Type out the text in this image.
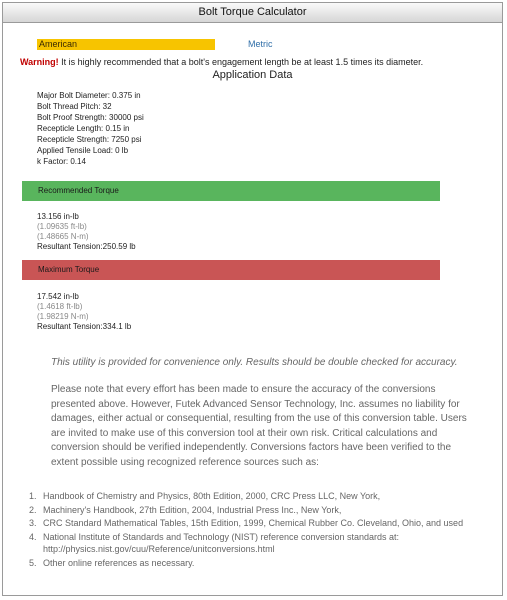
Bolt Torque Calculator
American	Metric
Warning! It is highly recommended that a bolt's engagement length be at least 1.5 times its diameter.
Application Data
Major Bolt Diameter: 0.375 in
Bolt Thread Pitch: 32
Bolt Proof Strength: 30000 psi
Recepticle Length: 0.15 in
Recepticle Strength: 7250 psi
Applied Tensile Load: 0 lb
k Factor: 0.14
Recommended Torque
13.156 in-lb
(1.09635 ft-lb)
(1.48665 N-m)
Resultant Tension:250.59 lb
Maximum Torque
17.542 in-lb
(1.4618 ft-lb)
(1.98219 N-m)
Resultant Tension:334.1 lb
This utility is provided for convenience only. Results should be double checked for accuracy.
Please note that every effort has been made to ensure the accuracy of the conversions presented above. However, Futek Advanced Sensor Technology, Inc. assumes no liability for damages, either actual or consequential, resulting from the use of this conversion table. Users are invited to make use of this conversion tool at their own risk. Critical calculations and conversion should be verified independently. Conversions factors have been verified to the extent possible using recognized reference sources such as:
1. Handbook of Chemistry and Physics, 80th Edition, 2000, CRC Press LLC, New York,
2. Machinery's Handbook, 27th Edition, 2004, Industrial Press Inc., New York,
3. CRC Standard Mathematical Tables, 15th Edition, 1999, Chemical Rubber Co. Cleveland, Ohio, and used
4. National Institute of Standards and Technology (NIST) reference conversion standards at: http://physics.nist.gov/cuu/Reference/unitconversions.html
5. Other online references as necessary.
